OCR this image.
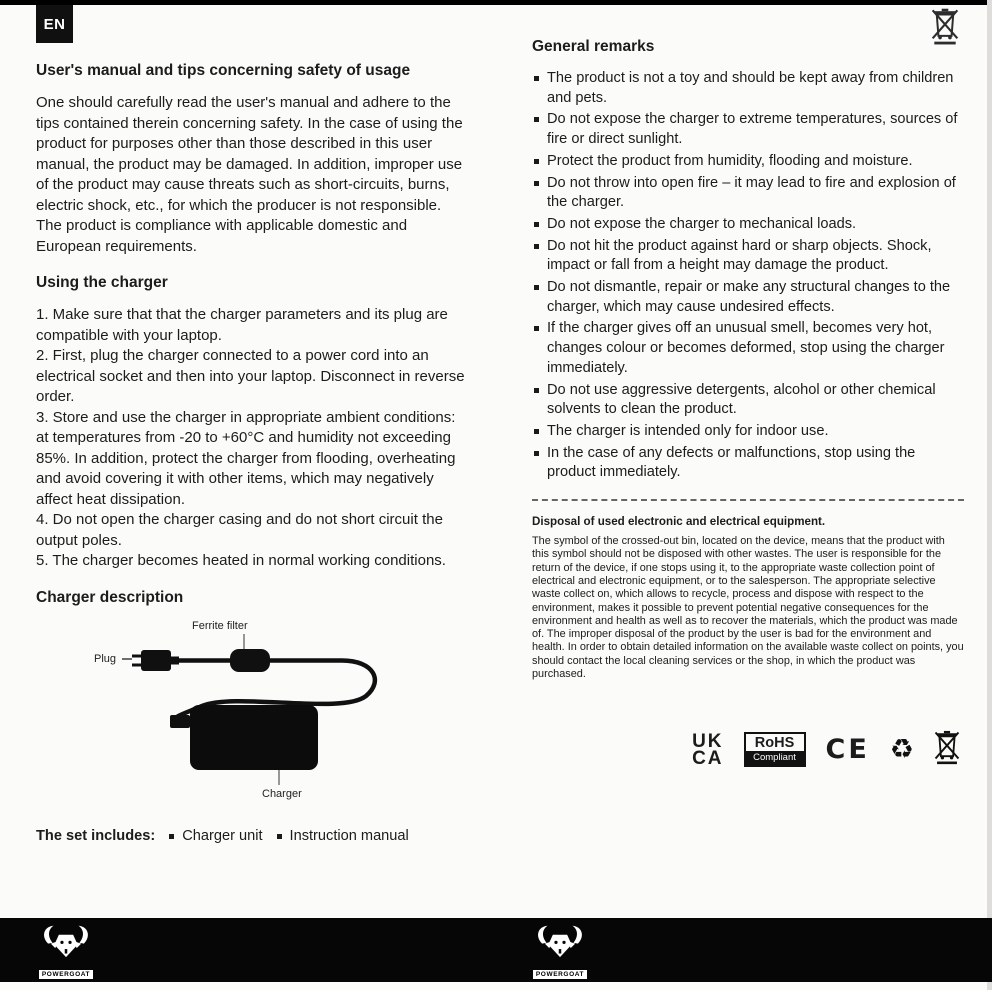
EN
User's manual and tips concerning safety of usage

One should carefully read the user's manual and adhere to the tips contained therein concerning safety. In the case of using the product for purposes other than those described in this user manual, the product may be damaged. In addition, improper use of the product may cause threats such as short-circuits, burns, electric shock, etc., for which the producer is not responsible. The product is compliance with applicable domestic and European requirements.

Using the charger

1. Make sure that that the charger parameters and its plug are compatible with your laptop.

2. First, plug the charger connected to a power cord into an electrical socket and then into your laptop. Disconnect in reverse order.

3. Store and use the charger in appropriate ambient conditions: at temperatures from -20 to +60°C and humidity not exceeding 85%. In addition, protect the charger from flooding, overheating and avoid covering it with other items, which may negatively affect heat dissipation.

4. Do not open the charger casing and do not short circuit the output poles.

5. The charger becomes heated in normal working conditions.

Charger description
Ferrite filter
Plug
Charger
The set includes:	Charger unit	Instruction manual
General remarks
The product is not a toy and should be kept away from children and pets.
Do not expose the charger to extreme temperatures, sources of fire or direct sunlight.
Protect the product from humidity, flooding and moisture.
Do not throw into open fire – it may lead to fire and explosion of the charger.
Do not expose the charger to mechanical loads.
Do not hit the product against hard or sharp objects. Shock, impact or fall from a height may damage the product.
Do not dismantle, repair or make any structural changes to the charger, which may cause undesired effects.
If the charger gives off an unusual smell, becomes very hot, changes colour or becomes deformed, stop using the charger immediately.
Do not use aggressive detergents, alcohol or other chemical solvents to clean the product.
The charger is intended only for indoor use.
In the case of any defects or malfunctions, stop using the product immediately.
Disposal of used electronic and electrical equipment.

The symbol of the crossed-out bin, located on the device, means that the product with this symbol should not be disposed with other wastes. The user is responsible for the return of the device, if one stops using it, to the appropriate waste collection point of electrical and electronic equipment, or to the salesperson. The appropriate selective waste collect on, which allows to recycle, process and dispose with respect to the environment, makes it possible to prevent potential negative consequences for the environment and health as well as to recover the materials, which the product was made of. The improper disposal of the product by the user is bad for the environment and health. In order to obtain detailed information on the available waste collect on points, you should contact the local cleaning services or the shop, in which the product was purchased.

UK
CA
RoHS
Compliant CE ♻
POWERGOAT	POWERGOAT
